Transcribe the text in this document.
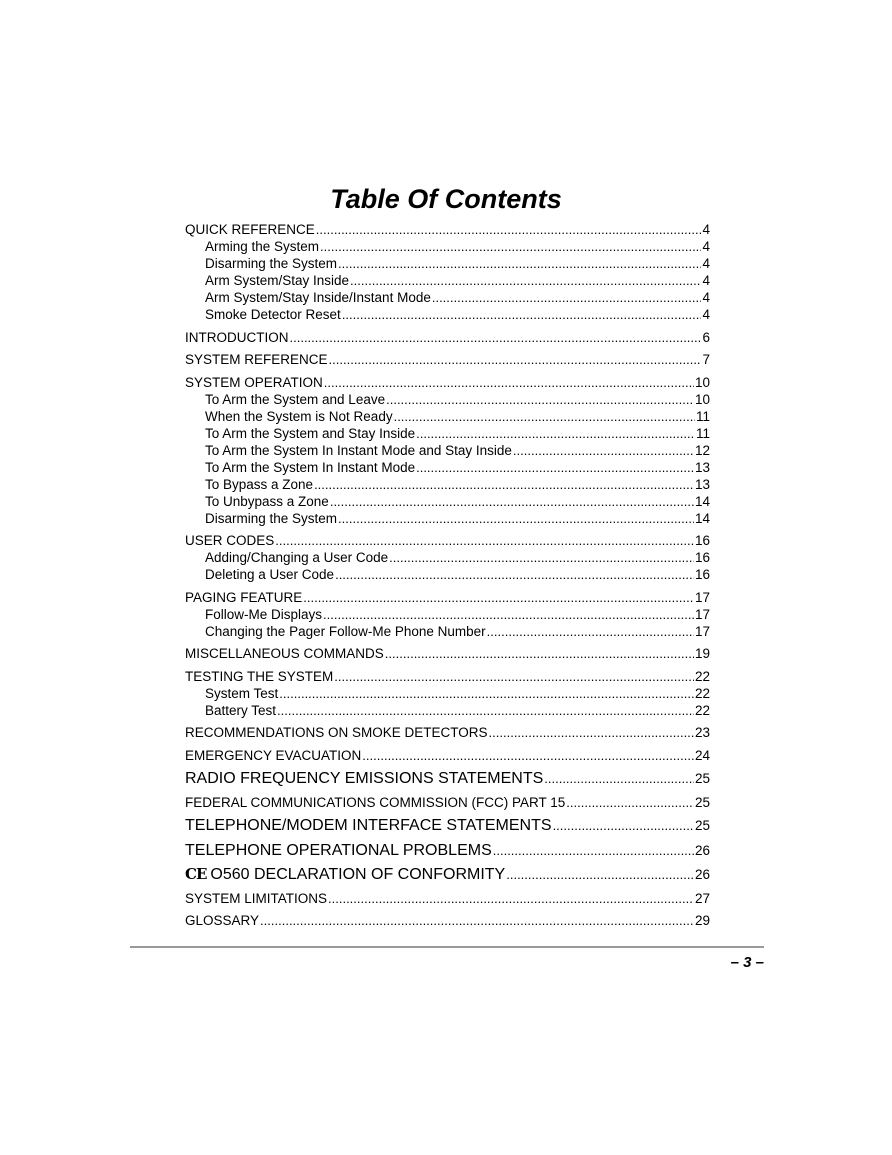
Table Of Contents
QUICK REFERENCE .....	4
Arming the System .....	4
Disarming the System .....	4
Arm System/Stay Inside .....	4
Arm System/Stay Inside/Instant Mode .....	4
Smoke Detector Reset .....	4
INTRODUCTION .....	6
SYSTEM REFERENCE .....	7
SYSTEM OPERATION .....	10
To Arm the System and Leave .....	10
When the System is Not Ready .....	11
To Arm the System and Stay Inside .....	11
To Arm the System In Instant Mode and Stay Inside .....	12
To Arm the System In Instant Mode .....	13
To Bypass a Zone .....	13
To Unbypass a Zone .....	14
Disarming the System .....	14
USER CODES .....	16
Adding/Changing a User Code .....	16
Deleting a User Code .....	16
PAGING FEATURE .....	17
Follow-Me Displays .....	17
Changing the Pager Follow-Me Phone Number .....	17
MISCELLANEOUS COMMANDS .....	19
TESTING THE SYSTEM .....	22
System Test .....	22
Battery Test .....	22
RECOMMENDATIONS ON SMOKE DETECTORS .....	23
EMERGENCY EVACUATION .....	24
RADIO FREQUENCY EMISSIONS STATEMENTS .....	25
FEDERAL COMMUNICATIONS COMMISSION (FCC) PART 15 .....	25
TELEPHONE/MODEM INTERFACE STATEMENTS .....	25
TELEPHONE OPERATIONAL PROBLEMS .....	26
CE O560 DECLARATION OF CONFORMITY .....	26
SYSTEM LIMITATIONS .....	27
GLOSSARY .....	29
– 3 –
